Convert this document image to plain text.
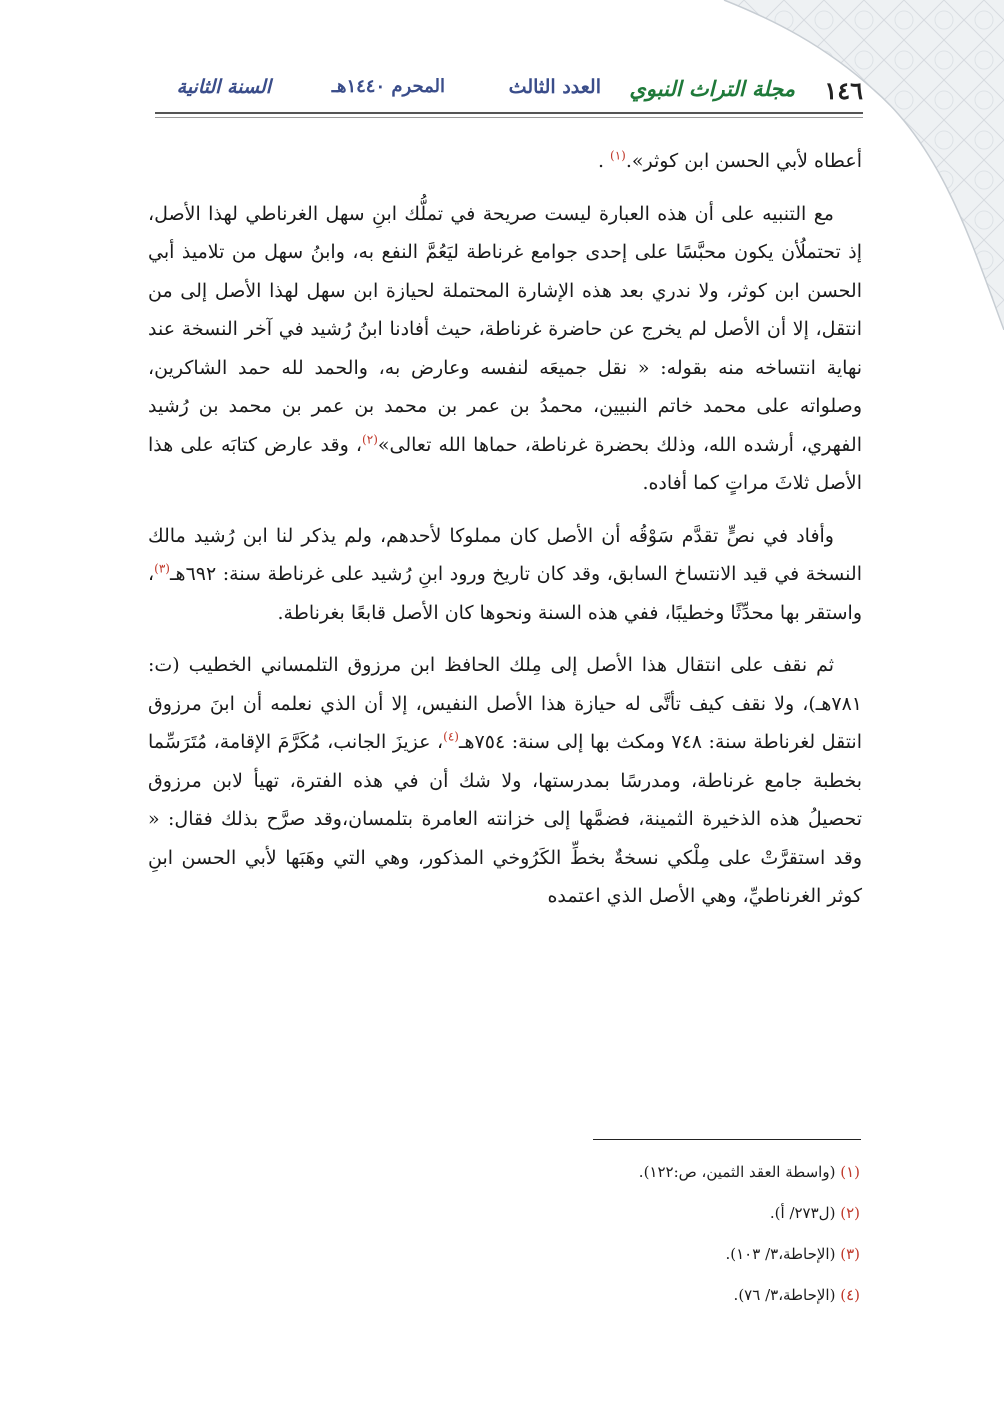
١٤٦
مجلة التراث النبوي
العدد الثالث
المحرم ١٤٤٠هـ
السنة الثانية

أعطاه لأبي الحسن ابن كوثر».$^{(١)}$ .

مع التنبيه على أن هذه العبارة ليست صريحة في تملُّك ابنِ سهل الغرناطي لهذا الأصل، إذ تحتملُأن يكون محبَّسًا على إحدى جوامع غرناطة ليَعُمَّ النفع به، وابنُ سهل من تلاميذ أبي الحسن ابن كوثر، ولا ندري بعد هذه الإشارة المحتملة لحيازة ابن سهل لهذا الأصل إلى من انتقل، إلا أن الأصل لم يخرج عن حاضرة غرناطة، حيث أفادنا ابنُ رُشيد في آخر النسخة عند نهاية انتساخه منه بقوله: « نقل جميعَه لنفسه وعارض به، والحمد لله حمد الشاكرين، وصلواته على محمد خاتم النبيين، محمدُ بن عمر بن محمد بن عمر بن محمد بن رُشيد الفهري، أرشده الله، وذلك بحضرة غرناطة، حماها الله تعالى»$^{(٢)}$، وقد عارض كتابَه على هذا الأصل ثلاثَ مراتٍ كما أفاده.

وأفاد في نصٍّ تقدَّم سَوْقُه أن الأصل كان مملوكا لأحدهم، ولم يذكر لنا ابن رُشيد مالك النسخة في قيد الانتساخ السابق، وقد كان تاريخ ورود ابنِ رُشيد على غرناطة سنة: ٦٩٢هـ$^{(٣)}$، واستقر بها محدِّثًا وخطيبًا، ففي هذه السنة ونحوها كان الأصل قابعًا بغرناطة.

ثم نقف على انتقال هذا الأصل إلى مِلك الحافظ ابن مرزوق التلمساني الخطيب (ت: ٧٨١هـ)، ولا نقف كيف تأتَّى له حيازة هذا الأصل النفيس، إلا أن الذي نعلمه أن ابنَ مرزوق انتقل لغرناطة سنة: ٧٤٨ ومكث بها إلى سنة: ٧٥٤هـ$^{(٤)}$، عزيزَ الجانب، مُكَرَّمَ الإقامة، مُتَرَسِّما بخطبة جامع غرناطة، ومدرسًا بمدرستها، ولا شك أن في هذه الفترة، تهيأ لابن مرزوق تحصيلُ هذه الذخيرة الثمينة، فضمَّها إلى خزانته العامرة بتلمسان،وقد صرَّح بذلك فقال: « وقد استقرَّتْ على مِلْكي نسخةٌ بخطِّ الكَرُوخي المذكور، وهي التي وهَبَها لأبي الحسن ابنِ كوثر الغرناطيِّ، وهي الأصل الذي اعتمده

(١) (واسطة العقد الثمين، ص:١٢٢).
(٢) (ل٢٧٣/ أ).
(٣) (الإحاطة،٣/ ١٠٣).
(٤) (الإحاطة،٣/ ٧٦).
